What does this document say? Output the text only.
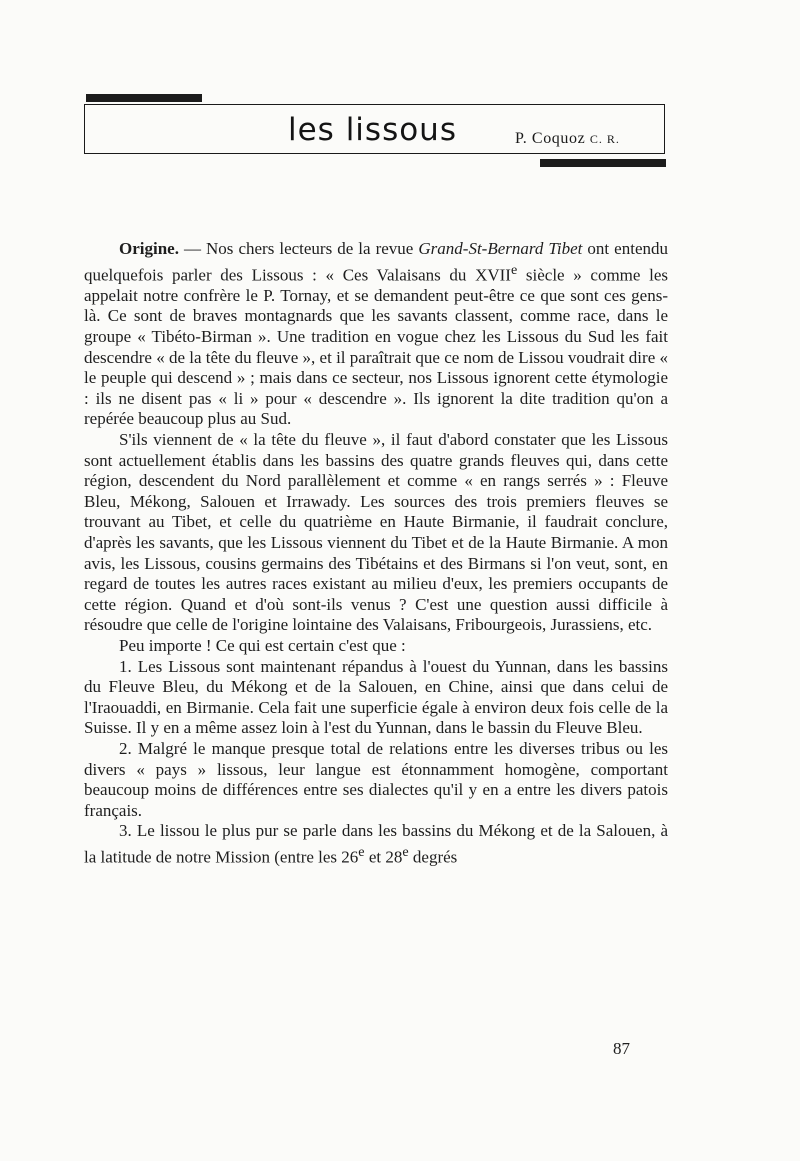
les lissous	P. Coquoz C. R.

Origine. — Nos chers lecteurs de la revue Grand-St-Bernard Tibet ont entendu quelquefois parler des Lissous : « Ces Valaisans du XVIIe siècle » comme les appelait notre confrère le P. Tornay, et se demandent peut-être ce que sont ces gens-là. Ce sont de braves montagnards que les savants classent, comme race, dans le groupe « Tibéto-Birman ». Une tradition en vogue chez les Lissous du Sud les fait descendre « de la tête du fleuve », et il paraîtrait que ce nom de Lissou voudrait dire « le peuple qui descend » ; mais dans ce secteur, nos Lissous ignorent cette étymologie : ils ne disent pas « li » pour « descendre ». Ils ignorent la dite tradition qu'on a repérée beaucoup plus au Sud.

S'ils viennent de « la tête du fleuve », il faut d'abord constater que les Lissous sont actuellement établis dans les bassins des quatre grands fleuves qui, dans cette région, descendent du Nord parallèlement et comme « en rangs serrés » : Fleuve Bleu, Mékong, Salouen et Irrawady. Les sources des trois premiers fleuves se trouvant au Tibet, et celle du quatrième en Haute Birmanie, il faudrait conclure, d'après les savants, que les Lissous viennent du Tibet et de la Haute Birmanie. A mon avis, les Lissous, cousins germains des Tibétains et des Birmans si l'on veut, sont, en regard de toutes les autres races existant au milieu d'eux, les premiers occupants de cette région. Quand et d'où sont-ils venus ? C'est une question aussi difficile à résoudre que celle de l'origine lointaine des Valaisans, Fribourgeois, Jurassiens, etc.

Peu importe ! Ce qui est certain c'est que :

1. Les Lissous sont maintenant répandus à l'ouest du Yunnan, dans les bassins du Fleuve Bleu, du Mékong et de la Salouen, en Chine, ainsi que dans celui de l'Iraouaddi, en Birmanie. Cela fait une superficie égale à environ deux fois celle de la Suisse. Il y en a même assez loin à l'est du Yunnan, dans le bassin du Fleuve Bleu.

2. Malgré le manque presque total de relations entre les diverses tribus ou les divers « pays » lissous, leur langue est étonnamment homogène, comportant beaucoup moins de différences entre ses dialectes qu'il y en a entre les divers patois français.

3. Le lissou le plus pur se parle dans les bassins du Mékong et de la Salouen, à la latitude de notre Mission (entre les 26e et 28e degrés

87
